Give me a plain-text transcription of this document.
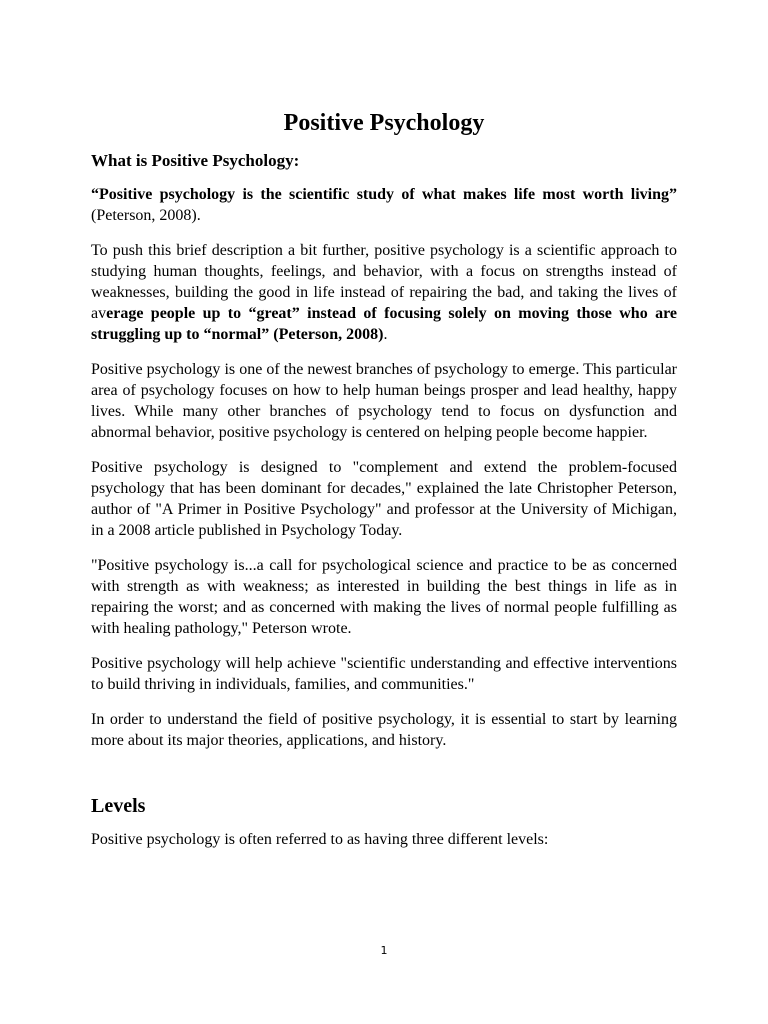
Positive Psychology
What is Positive Psychology:

“Positive psychology is the scientific study of what makes life most worth living” (Peterson, 2008).

To push this brief description a bit further, positive psychology is a scientific approach to studying human thoughts, feelings, and behavior, with a focus on strengths instead of weaknesses, building the good in life instead of repairing the bad, and taking the lives of average people up to “great” instead of focusing solely on moving those who are struggling up to “normal” (Peterson, 2008).

Positive psychology is one of the newest branches of psychology to emerge. This particular area of psychology focuses on how to help human beings prosper and lead healthy, happy lives. While many other branches of psychology tend to focus on dysfunction and abnormal behavior, positive psychology is centered on helping people become happier.

Positive psychology is designed to "complement and extend the problem-focused psychology that has been dominant for decades," explained the late Christopher Peterson, author of "A Primer in Positive Psychology" and professor at the University of Michigan, in a 2008 article published in Psychology Today.

"Positive psychology is...a call for psychological science and practice to be as concerned with strength as with weakness; as interested in building the best things in life as in repairing the worst; and as concerned with making the lives of normal people fulfilling as with healing pathology," Peterson wrote.

Positive psychology will help achieve "scientific understanding and effective interventions to build thriving in individuals, families, and communities."

In order to understand the field of positive psychology, it is essential to start by learning more about its major theories, applications, and history.

Levels

Positive psychology is often referred to as having three different levels:

1
